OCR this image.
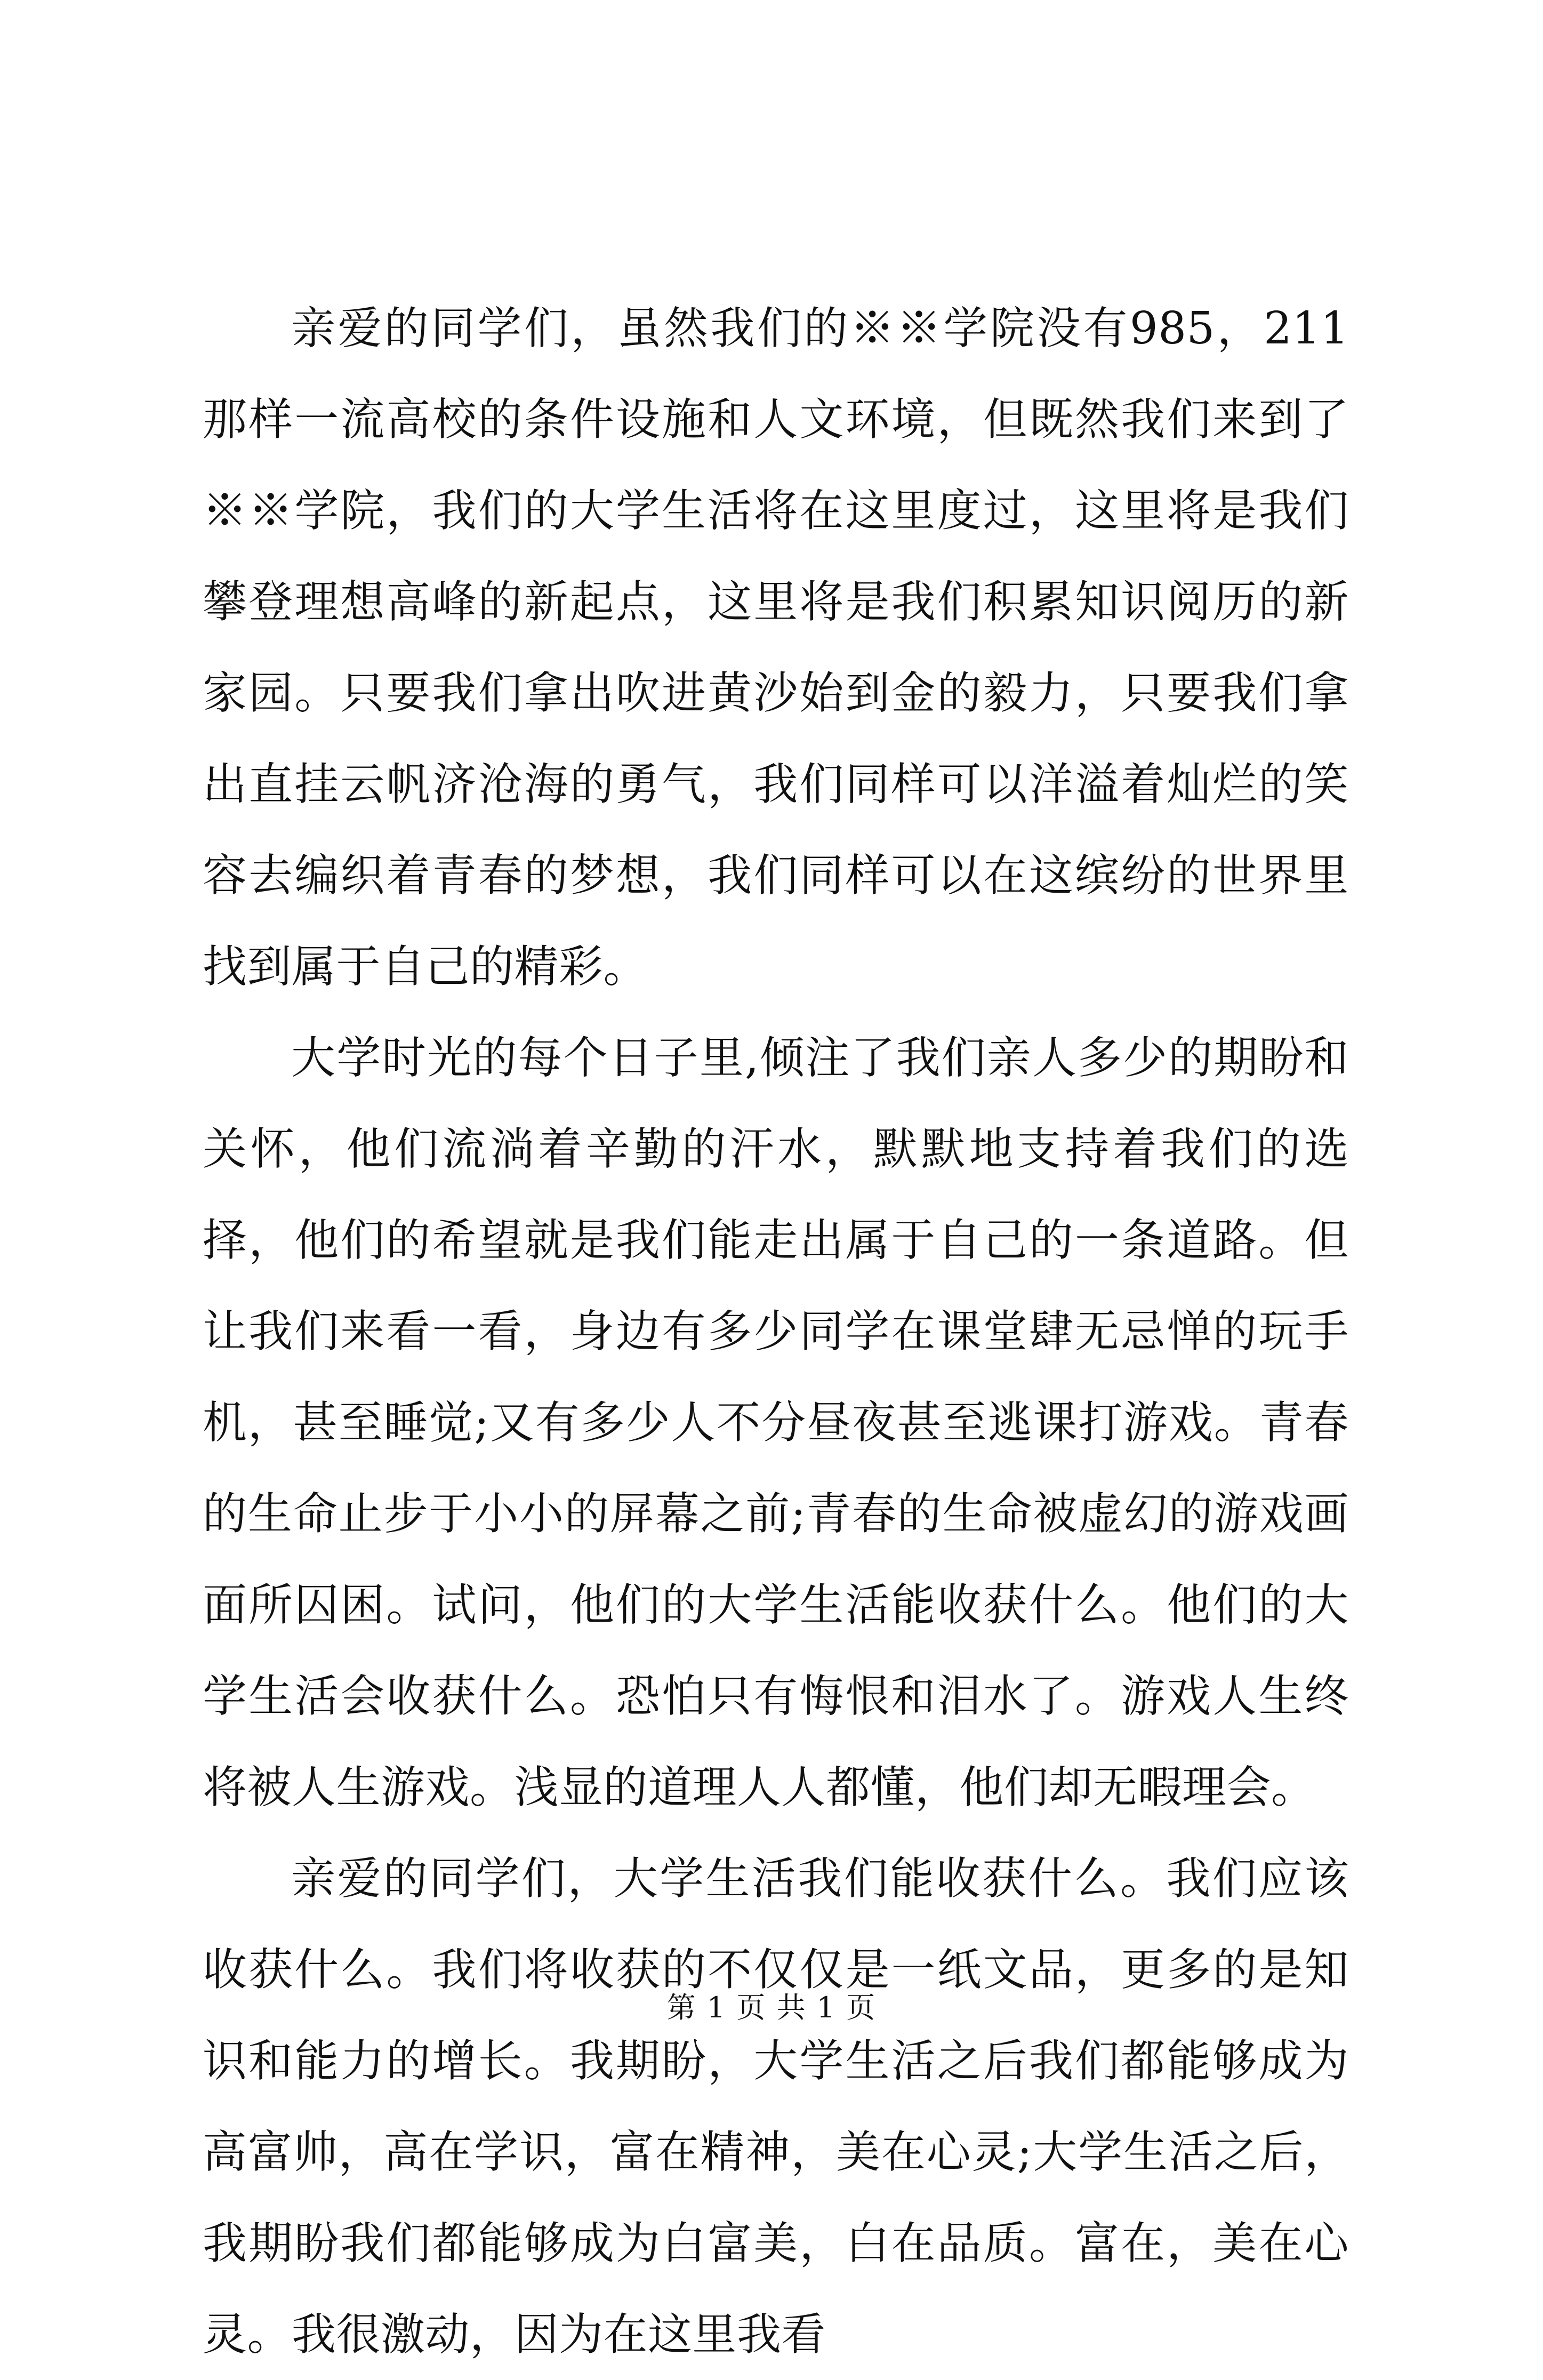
亲爱的同学们，虽然我们的※※学院没有985，211那样一流高校的条件设施和人文环境，但既然我们来到了※※学院，我们的大学生活将在这里度过，这里将是我们攀登理想高峰的新起点，这里将是我们积累知识阅历的新家园。只要我们拿出吹进黄沙始到金的毅力，只要我们拿出直挂云帆济沧海的勇气，我们同样可以洋溢着灿烂的笑容去编织着青春的梦想，我们同样可以在这缤纷的世界里找到属于自己的精彩。

大学时光的每个日子里,倾注了我们亲人多少的期盼和关怀，他们流淌着辛勤的汗水，默默地支持着我们的选择，他们的希望就是我们能走出属于自己的一条道路。但让我们来看一看，身边有多少同学在课堂肆无忌惮的玩手机，甚至睡觉;又有多少人不分昼夜甚至逃课打游戏。青春的生命止步于小小的屏幕之前;青春的生命被虚幻的游戏画面所囚困。试问，他们的大学生活能收获什么。他们的大学生活会收获什么。恐怕只有悔恨和泪水了。游戏人生终将被人生游戏。浅显的道理人人都懂，他们却无暇理会。

亲爱的同学们，大学生活我们能收获什么。我们应该收获什么。我们将收获的不仅仅是一纸文品，更多的是知识和能力的增长。我期盼，大学生活之后我们都能够成为高富帅，高在学识，富在精神，美在心灵;大学生活之后，我期盼我们都能够成为白富美，白在品质。富在，美在心灵。我很激动，因为在这里我看

第 1 页 共 1 页
